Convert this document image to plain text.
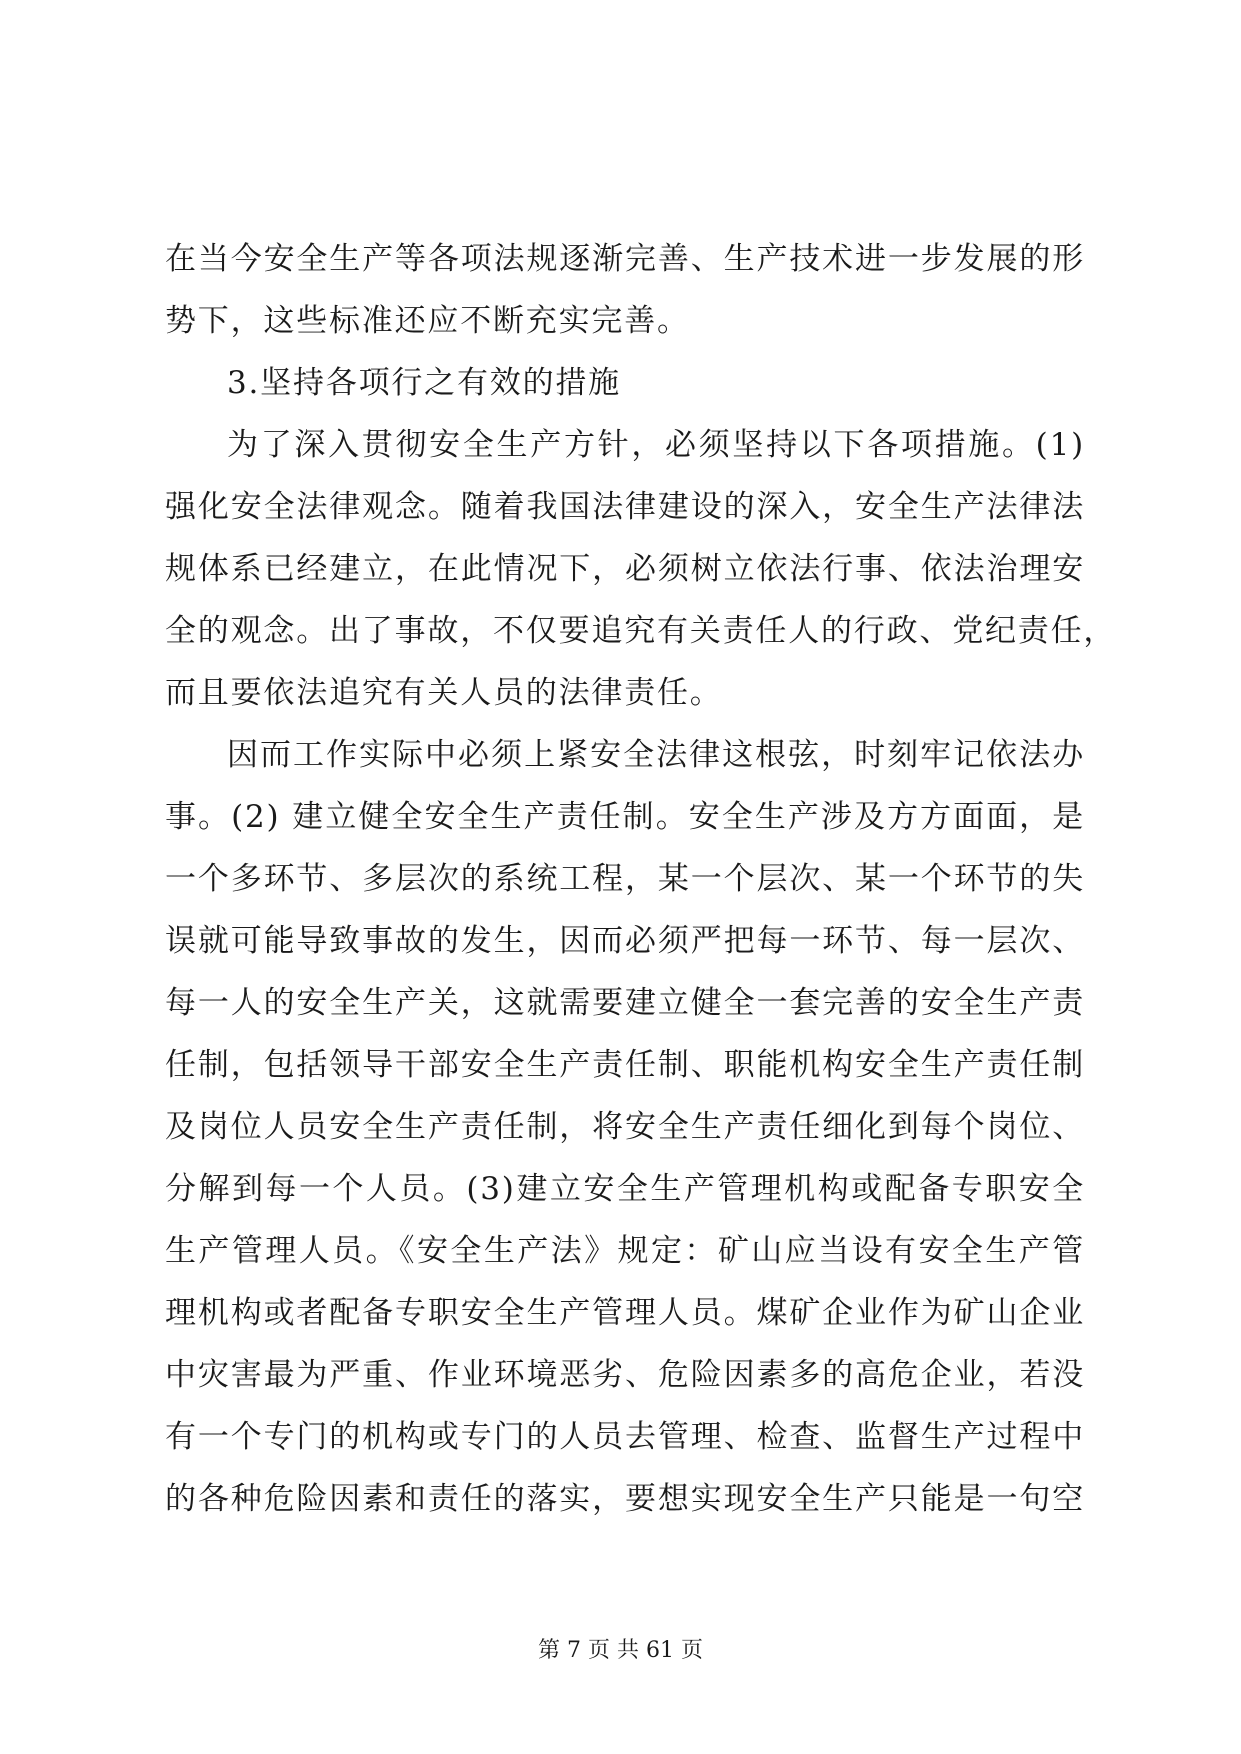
在当今安全生产等各项法规逐渐完善、生产技术进一步发展的形
势下，这些标准还应不断充实完善。
3.坚持各项行之有效的措施
为了深入贯彻安全生产方针，必须坚持以下各项措施。(1)
强化安全法律观念。随着我国法律建设的深入，安全生产法律法
规体系已经建立，在此情况下，必须树立依法行事、依法治理安
全的观念。出了事故，不仅要追究有关责任人的行政、党纪责任，
而且要依法追究有关人员的法律责任。
因而工作实际中必须上紧安全法律这根弦，时刻牢记依法办
事。(2) 建立健全安全生产责任制。安全生产涉及方方面面，是
一个多环节、多层次的系统工程，某一个层次、某一个环节的失
误就可能导致事故的发生，因而必须严把每一环节、每一层次、
每一人的安全生产关，这就需要建立健全一套完善的安全生产责
任制，包括领导干部安全生产责任制、职能机构安全生产责任制
及岗位人员安全生产责任制，将安全生产责任细化到每个岗位、
分解到每一个人员。(3)建立安全生产管理机构或配备专职安全
生产管理人员。《安全生产法》规定：矿山应当设有安全生产管
理机构或者配备专职安全生产管理人员。煤矿企业作为矿山企业
中灾害最为严重、作业环境恶劣、危险因素多的高危企业，若没
有一个专门的机构或专门的人员去管理、检查、监督生产过程中
的各种危险因素和责任的落实，要想实现安全生产只能是一句空
第 7 页 共 61 页
